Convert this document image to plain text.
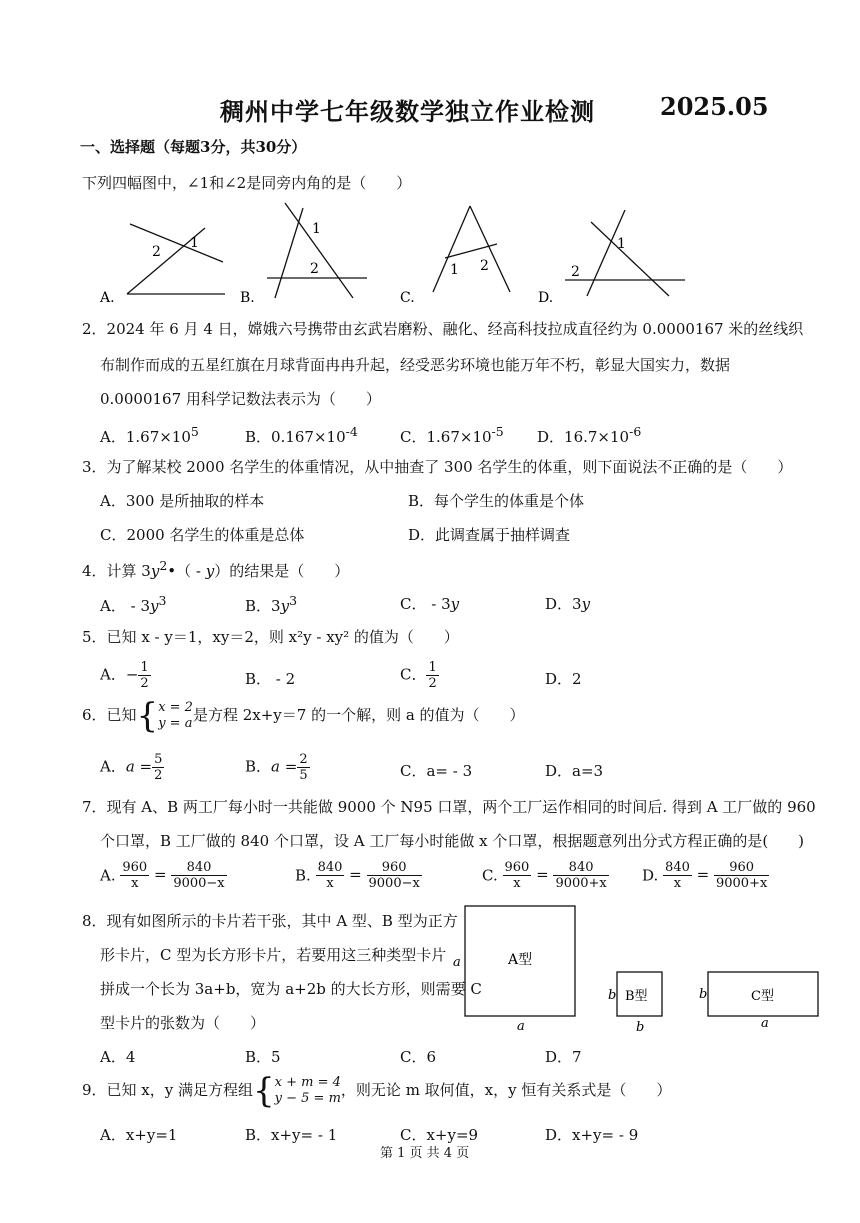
稠州中学七年级数学独立作业检测	2025.05
一、选择题（每题3分，共30分）
下列四幅图中，∠1和∠2是同旁内角的是（　　）
1
2
A.
1
2
B.
1 2
C.
1
2
D.
2．2024 年 6 月 4 日，嫦娥六号携带由玄武岩磨粉、融化、经高科技拉成直径约为 0.0000167 米的丝线织
布制作而成的五星红旗在月球背面冉冉升起，经受恶劣环境也能万年不朽，彰显大国实力，数据
0.0000167 用科学记数法表示为（　　）
A．$1.67\times 10^5$	B．$0.167\times 10^{-4}$	C．$1.67\times 10^{-5}$ D．$16.7\times 10^{-6}$
3．为了解某校 2000 名学生的体重情况，从中抽查了 300 名学生的体重，则下面说法不正确的是（　　）
A．300 是所抽取的样本	B．每个学生的体重是个体
C．2000 名学生的体重是总体	D．此调查属于抽样调查
4．计算 $3y^2•( - y)$的结果是（　　）
A． - $3y^3$	B．$3y^3$	C． - 3y	D．3y
5．已知 x - y＝1，xy＝2，则 x²y - xy² 的值为（　　）
A．− $\frac{1}{2}$	B． - 2	C． $\frac{1}{2}$	D．2
6．已知{ x = 2
y = a 是方程 2x+y＝7 的一个解，则 a 的值为（　　）
A．$a = \frac{5}{2}$	B．$a = \frac{2}{5}$	C．a= - 3	D．a=3
7．现有 A、B 两工厂每小时一共能做 9000 个 N95 口罩，两个工厂运作相同的时间后. 得到 A 工厂做的 960
个口罩，B 工厂做的 840 个口罩，设 A 工厂每小时能做 x 个口罩，根据题意列出分式方程正确的是(　　)
A. $\frac{960}{x} = \frac{840}{9000-x}$	B. $\frac{840}{x} = \frac{960}{9000-x}$	C. $\frac{960}{x} = \frac{840}{9000+x} D$. $\frac{840}{x} = \frac{960}{9000+x}$
8．现有如图所示的卡片若干张，其中 A 型、B 型为正方
形卡片，C 型为长方形卡片，若要用这三种类型卡片
拼成一个长为 3a+b，宽为 a+2b 的大长方形，则需要 C
型卡片的张数为（　　）
A型
a
a
B型
b
b
C型
b
a
A．4	B．5	C．6	D．7
9．已知 x，y 满足方程组{ x + m = 4
y − 5 = m ，则无论 m 取何值，x，y 恒有关系式是（　　）
A．x+y=1	B．x+y= - 1	C．x+y=9	D．x+y= - 9
第 1 页 共 4 页
